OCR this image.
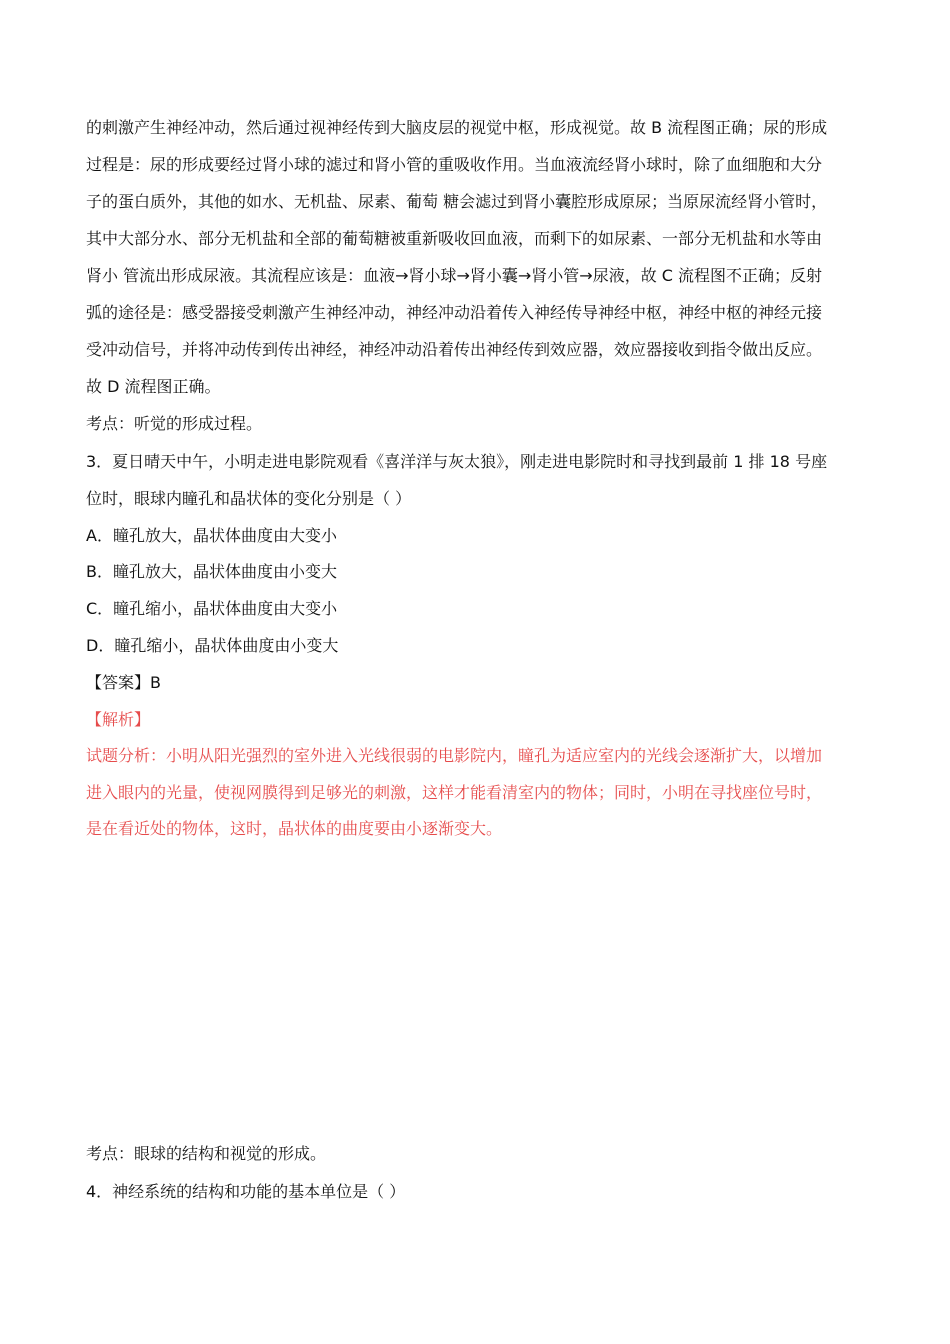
的刺激产生神经冲动，然后通过视神经传到大脑皮层的视觉中枢，形成视觉。故 B 流程图正确；尿的形成
过程是：尿的形成要经过肾小球的滤过和肾小管的重吸收作用。当血液流经肾小球时，除了血细胞和大分
子的蛋白质外，其他的如水、无机盐、尿素、葡萄 糖会滤过到肾小囊腔形成原尿；当原尿流经肾小管时，
其中大部分水、部分无机盐和全部的葡萄糖被重新吸收回血液，而剩下的如尿素、一部分无机盐和水等由
肾小 管流出形成尿液。其流程应该是：血液→肾小球→肾小囊→肾小管→尿液，故 C 流程图不正确；反射
弧的途径是：感受器接受刺激产生神经冲动，神经冲动沿着传入神经传导神经中枢，神经中枢的神经元接
受冲动信号，并将冲动传到传出神经，神经冲动沿着传出神经传到效应器，效应器接收到指令做出反应。
故 D 流程图正确。
考点：听觉的形成过程。
3．夏日晴天中午，小明走进电影院观看《喜洋洋与灰太狼》，刚走进电影院时和寻找到最前 1 排 18 号座
位时，眼球内瞳孔和晶状体的变化分别是（ ）
A．瞳孔放大，晶状体曲度由大变小
B．瞳孔放大，晶状体曲度由小变大
C．瞳孔缩小，晶状体曲度由大变小
D．瞳孔缩小，晶状体曲度由小变大
【答案】B
【解析】
试题分析：小明从阳光强烈的室外进入光线很弱的电影院内，瞳孔为适应室内的光线会逐渐扩大，以增加
进入眼内的光量，使视网膜得到足够光的刺激，这样才能看清室内的物体；同时，小明在寻找座位号时，
是在看近处的物体，这时，晶状体的曲度要由小逐渐变大。
考点：眼球的结构和视觉的形成。
4．神经系统的结构和功能的基本单位是（ ）
